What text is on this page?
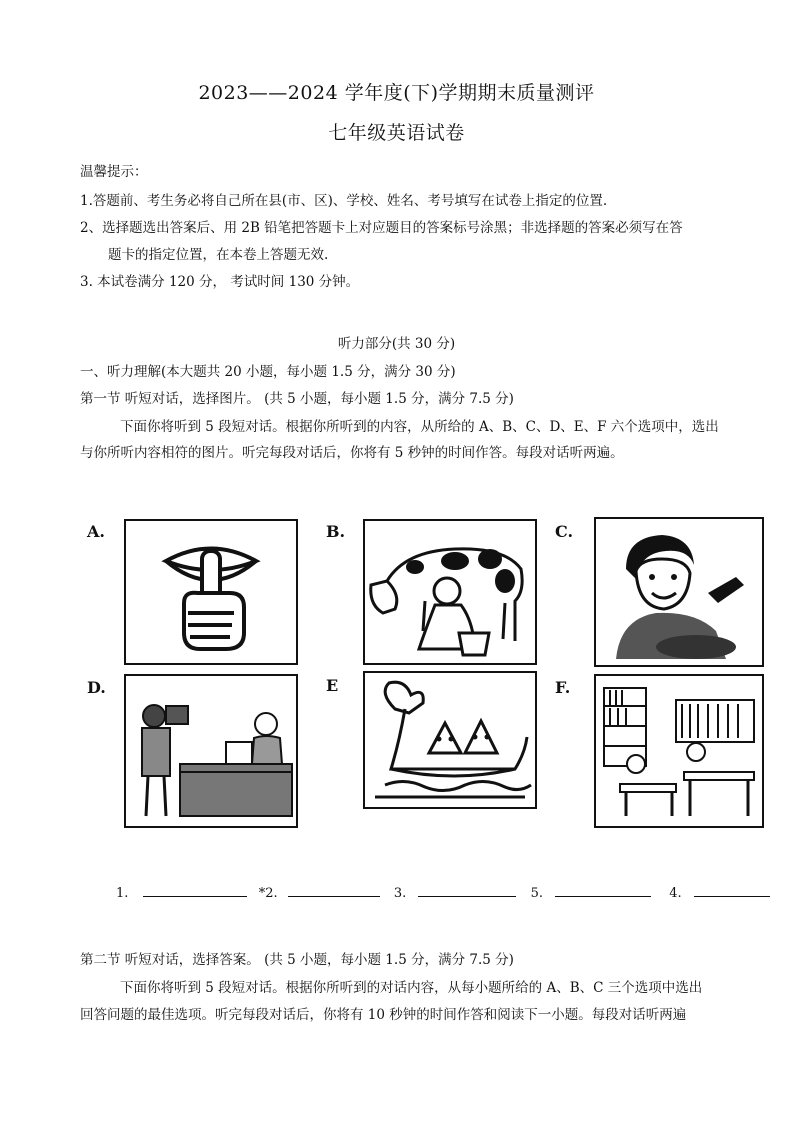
2023——2024 学年度(下)学期期末质量测评
七年级英语试卷
温馨提示：
1.答题前、考生务必将自己所在县(市、区)、学校、姓名、考号填写在试卷上指定的位置.
2、选择题选出答案后、用 2B 铅笔把答题卡上对应题目的答案标号涂黑；非选择题的答案必须写在答
题卡的指定位置，在本卷上答题无效.
3. 本试卷满分 120 分， 考试时间 130 分钟。
听力部分(共 30 分)
一、听力理解(本大题共 20 小题，每小题 1.5 分，满分 30 分)
第一节 听短对话，选择图片。 (共 5 小题，每小题 1.5 分，满分 7.5 分)
下面你将听到 5 段短对话。根据你所听到的内容，从所给的 A、B、C、D、E、F 六个选项中，选出
与你所听内容相符的图片。听完每段对话后，你将有 5 秒钟的时间作答。每段对话听两遍。
A.	B.	C.
D.	E	F.
1.	*2.	3.	5.	4.
第二节 听短对话，选择答案。 (共 5 小题，每小题 1.5 分，满分 7.5 分)
下面你将听到 5 段短对话。根据你所听到的对话内容，从每小题所给的 A、B、C 三个选项中选出
回答问题的最佳选项。听完每段对话后，你将有 10 秒钟的时间作答和阅读下一小题。每段对话听两遍
